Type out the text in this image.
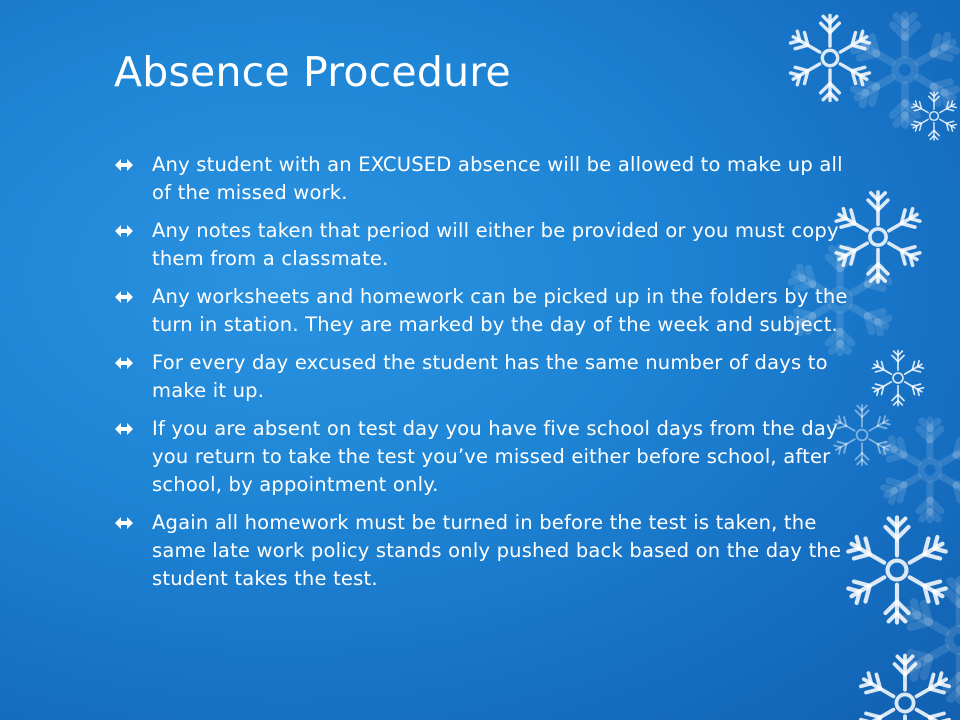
Absence Procedure
Any student with an EXCUSED absence will be allowed to make up all of the missed work.
Any notes taken that period will either be provided or you must copy them from a classmate.
Any worksheets and homework can be picked up in the folders by the turn in station. They are marked by the day of the week and subject.
For every day excused the student has the same number of days to make it up.
If you are absent on test day you have five school days from the day you return to take the test you’ve missed either before school, after school, by appointment only.
Again all homework must be turned in before the test is taken, the same late work policy stands only pushed back based on the day the student takes the test.
